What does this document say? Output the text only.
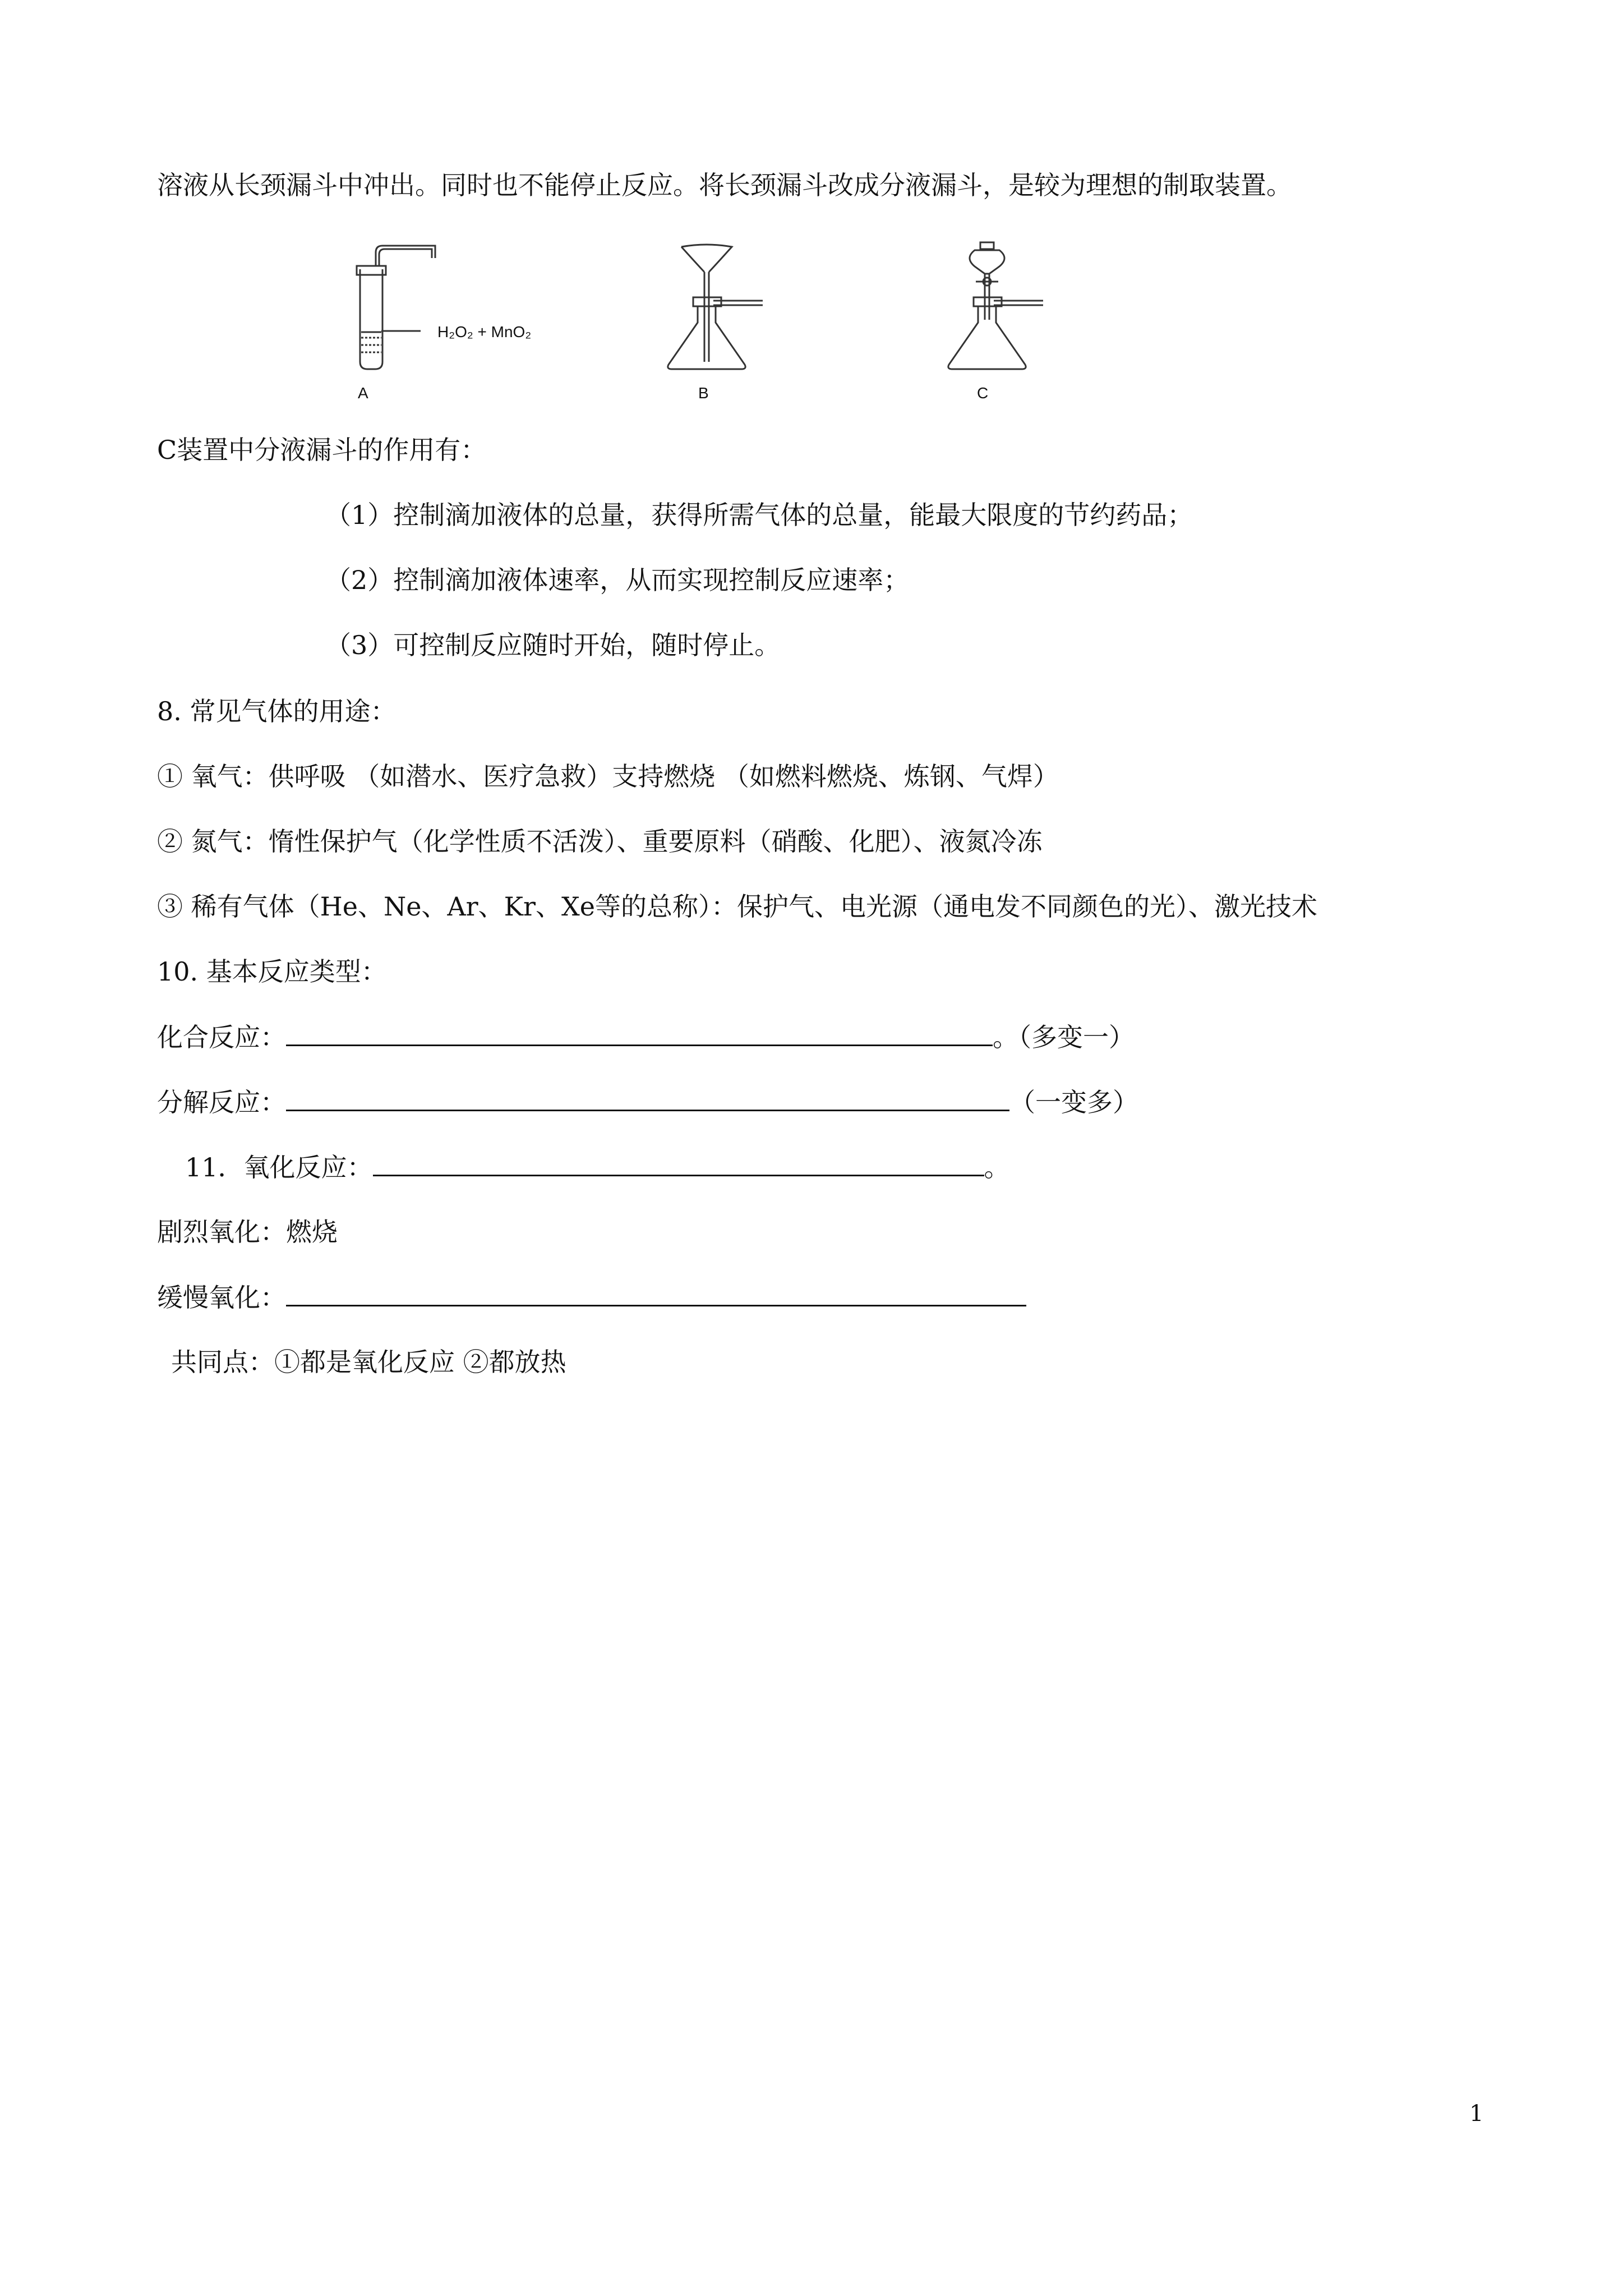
溶液从长颈漏斗中冲出。同时也不能停止反应。将长颈漏斗改成分液漏斗，是较为理想的制取装置。
H₂O₂ + MnO₂
A	B	C
C装置中分液漏斗的作用有：
（1）控制滴加液体的总量，获得所需气体的总量，能最大限度的节约药品；
（2）控制滴加液体速率，从而实现控制反应速率；
（3）可控制反应随时开始，随时停止。
8. 常见气体的用途：
① 氧气：供呼吸 （如潜水、医疗急救）支持燃烧 （如燃料燃烧、炼钢、气焊）
② 氮气：惰性保护气（化学性质不活泼）、重要原料（硝酸、化肥）、液氮冷冻
③ 稀有气体（He、Ne、Ar、Kr、Xe等的总称）：保护气、电光源（通电发不同颜色的光）、激光技术
10. 基本反应类型：
化合反应：	。（多变一）
分解反应：	（一变多）
11．氧化反应：	。
剧烈氧化：燃烧
缓慢氧化：
共同点：①都是氧化反应 ②都放热
1
